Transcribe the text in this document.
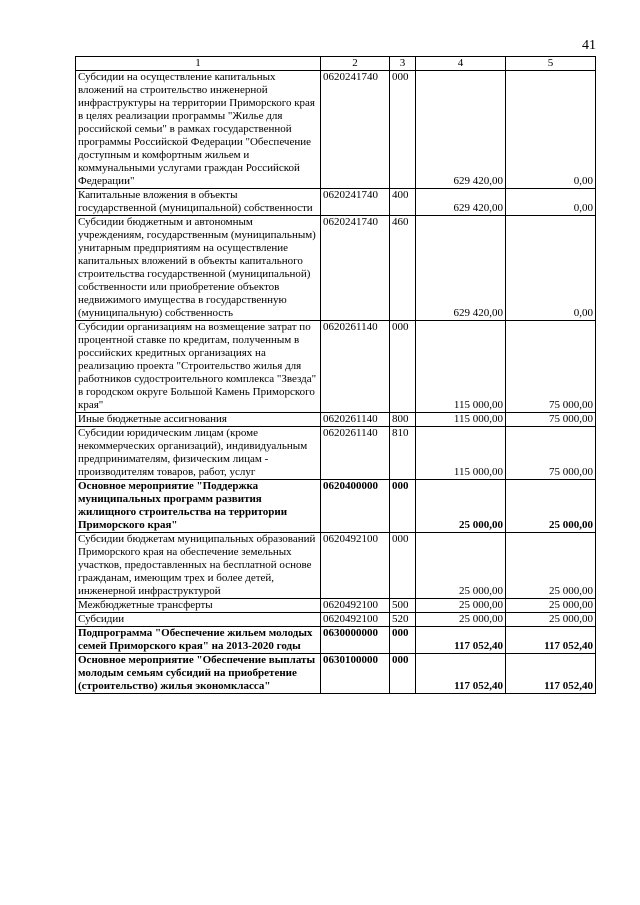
41
1	2	3	4	5
Субсидии на осуществление капитальных вложений на строительство инженерной инфраструктуры на территории Приморского края в целях реализации программы "Жилье для российской семьи" в рамках государственной программы Российской Федерации "Обеспечение доступным и комфортным жильем и коммунальными услугами граждан Российской Федерации"	0620241740	000	629 420,00	0,00
Капитальные вложения в объекты государственной (муниципальной) собственности	0620241740	400	629 420,00	0,00
Субсидии бюджетным и автономным учреждениям, государственным (муниципальным) унитарным предприятиям на осуществление капитальных вложений в объекты капитального строительства государственной (муниципальной) собственности или приобретение объектов недвижимого имущества в государственную (муниципальную) собственность	0620241740	460	629 420,00	0,00
Субсидии организациям на возмещение затрат по процентной ставке по кредитам, полученным в российских кредитных организациях на реализацию проекта "Строительство жилья для работников судостроительного комплекса "Звезда" в городском округе Большой Камень Приморского края"	0620261140	000	115 000,00	75 000,00
Иные бюджетные ассигнования	0620261140	800	115 000,00	75 000,00
Субсидии юридическим лицам (кроме некоммерческих организаций), индивидуальным предпринимателям, физическим лицам - производителям товаров, работ, услуг	0620261140	810	115 000,00	75 000,00
Основное мероприятие "Поддержка муниципальных программ развития жилищного строительства на территории Приморского края"	0620400000	000	25 000,00	25 000,00
Субсидии бюджетам муниципальных образований Приморского края на обеспечение земельных участков, предоставленных на бесплатной основе гражданам, имеющим трех и более детей, инженерной инфраструктурой	0620492100	000	25 000,00	25 000,00
Межбюджетные трансферты	0620492100	500	25 000,00	25 000,00
Субсидии	0620492100	520	25 000,00	25 000,00
Подпрограмма "Обеспечение жильем молодых семей Приморского края" на 2013-2020 годы	0630000000	000	117 052,40	117 052,40
Основное мероприятие "Обеспечение выплаты молодым семьям субсидий на приобретение (строительство) жилья экономкласса"	0630100000	000	117 052,40	117 052,40
